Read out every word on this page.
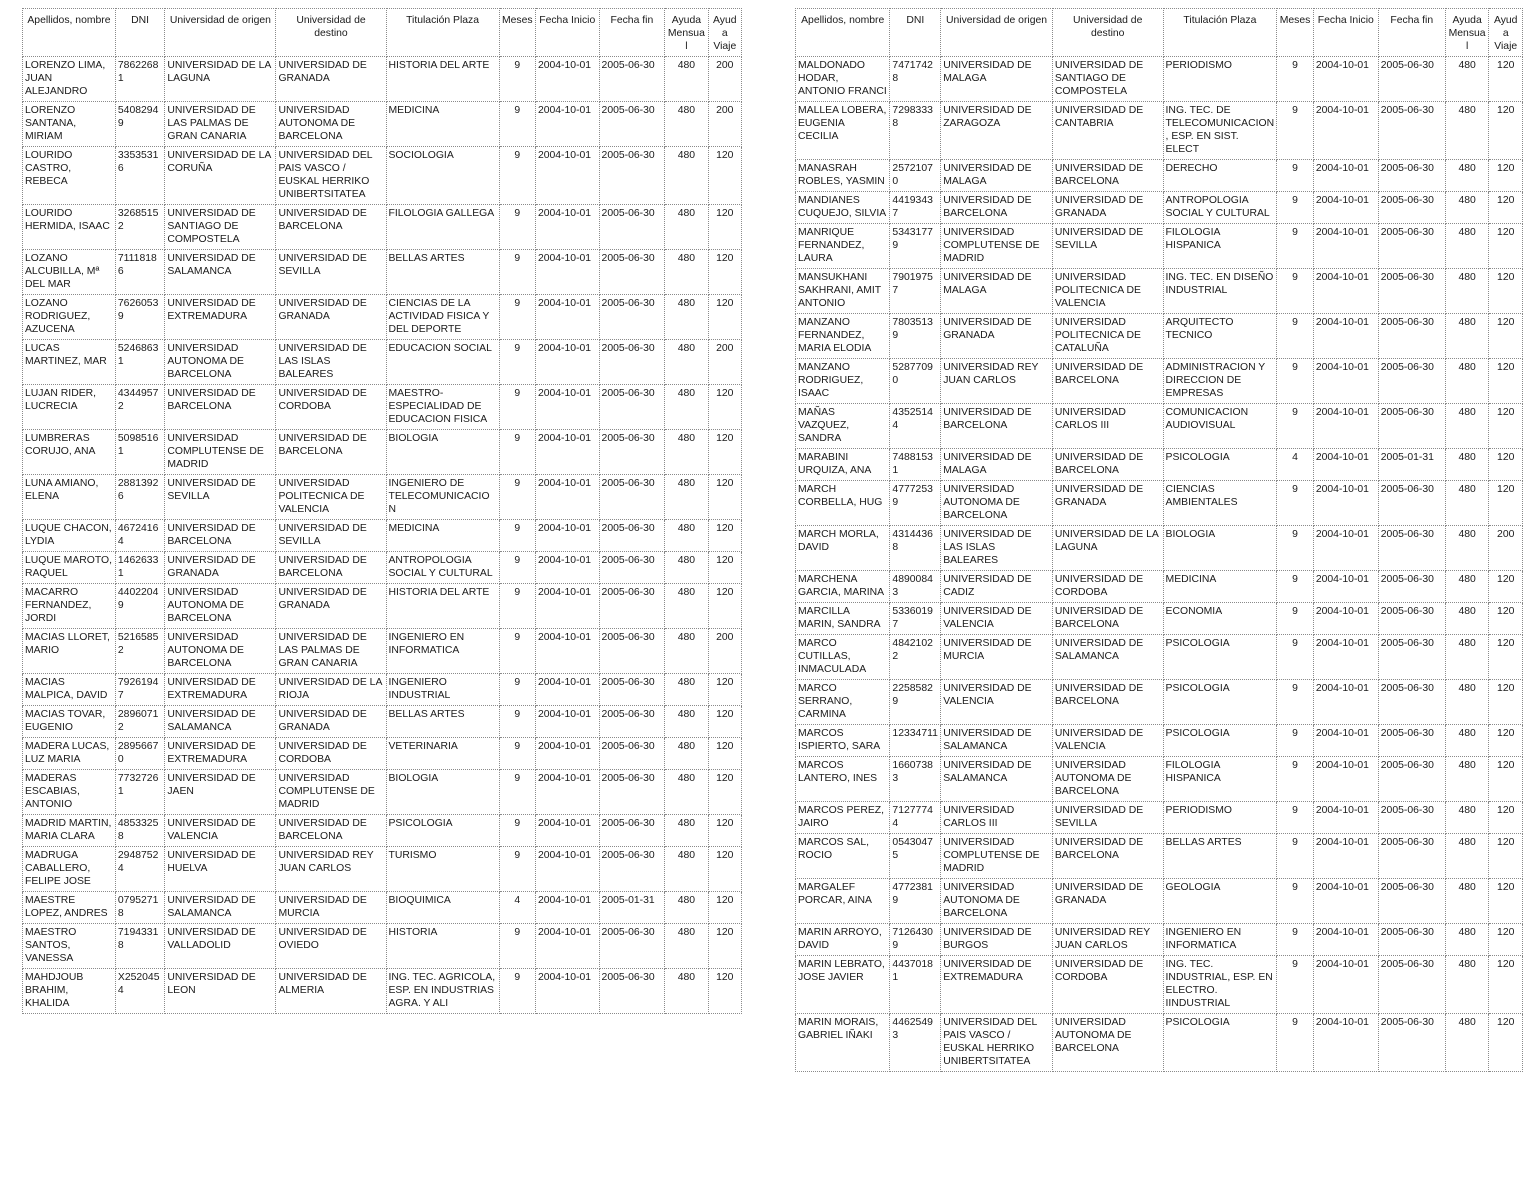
Apellidos, nombre	DNI	Universidad de origen	Universidad de destino	Titulación Plaza	Meses	Fecha Inicio	Fecha fin	Ayuda Mensual	Ayuda Viaje
LORENZO LIMA, JUAN ALEJANDRO	78622681	UNIVERSIDAD DE LA LAGUNA	UNIVERSIDAD DE GRANADA	HISTORIA DEL ARTE	9	2004-10-01	2005-06-30	480	200
LORENZO SANTANA, MIRIAM	54082949	UNIVERSIDAD DE LAS PALMAS DE GRAN CANARIA	UNIVERSIDAD AUTONOMA DE BARCELONA	MEDICINA	9	2004-10-01	2005-06-30	480	200
LOURIDO CASTRO, REBECA	33535316	UNIVERSIDAD DE LA CORUÑA	UNIVERSIDAD DEL PAIS VASCO / EUSKAL HERRIKO UNIBERTSITATEA	SOCIOLOGIA	9	2004-10-01	2005-06-30	480	120
LOURIDO HERMIDA, ISAAC	32685152	UNIVERSIDAD DE SANTIAGO DE COMPOSTELA	UNIVERSIDAD DE BARCELONA	FILOLOGIA GALLEGA	9	2004-10-01	2005-06-30	480	120
LOZANO ALCUBILLA, Mª DEL MAR	71118186	UNIVERSIDAD DE SALAMANCA	UNIVERSIDAD DE SEVILLA	BELLAS ARTES	9	2004-10-01	2005-06-30	480	120
LOZANO RODRIGUEZ, AZUCENA	76260539	UNIVERSIDAD DE EXTREMADURA	UNIVERSIDAD DE GRANADA	CIENCIAS DE LA ACTIVIDAD FISICA Y DEL DEPORTE	9	2004-10-01	2005-06-30	480	120
LUCAS MARTINEZ, MAR	52468631	UNIVERSIDAD AUTONOMA DE BARCELONA	UNIVERSIDAD DE LAS ISLAS BALEARES	EDUCACION SOCIAL	9	2004-10-01	2005-06-30	480	200
LUJAN RIDER, LUCRECIA	43449572	UNIVERSIDAD DE BARCELONA	UNIVERSIDAD DE CORDOBA	MAESTRO-ESPECIALIDAD DE EDUCACION FISICA	9	2004-10-01	2005-06-30	480	120
LUMBRERAS CORUJO, ANA	50985161	UNIVERSIDAD COMPLUTENSE DE MADRID	UNIVERSIDAD DE BARCELONA	BIOLOGIA	9	2004-10-01	2005-06-30	480	120
LUNA AMIANO, ELENA	28813926	UNIVERSIDAD DE SEVILLA	UNIVERSIDAD POLITECNICA DE VALENCIA	INGENIERO DE TELECOMUNICACION	9	2004-10-01	2005-06-30	480	120
LUQUE CHACON, LYDIA	46724164	UNIVERSIDAD DE BARCELONA	UNIVERSIDAD DE SEVILLA	MEDICINA	9	2004-10-01	2005-06-30	480	120
LUQUE MAROTO, RAQUEL	14626331	UNIVERSIDAD DE GRANADA	UNIVERSIDAD DE BARCELONA	ANTROPOLOGIA SOCIAL Y CULTURAL	9	2004-10-01	2005-06-30	480	120
MACARRO FERNANDEZ, JORDI	44022049	UNIVERSIDAD AUTONOMA DE BARCELONA	UNIVERSIDAD DE GRANADA	HISTORIA DEL ARTE	9	2004-10-01	2005-06-30	480	120
MACIAS LLORET, MARIO	52165852	UNIVERSIDAD AUTONOMA DE BARCELONA	UNIVERSIDAD DE LAS PALMAS DE GRAN CANARIA	INGENIERO EN INFORMATICA	9	2004-10-01	2005-06-30	480	200
MACIAS MALPICA, DAVID	79261947	UNIVERSIDAD DE EXTREMADURA	UNIVERSIDAD DE LA RIOJA	INGENIERO INDUSTRIAL	9	2004-10-01	2005-06-30	480	120
MACIAS TOVAR, EUGENIO	28960712	UNIVERSIDAD DE SALAMANCA	UNIVERSIDAD DE GRANADA	BELLAS ARTES	9	2004-10-01	2005-06-30	480	120
MADERA LUCAS, LUZ MARIA	28956670	UNIVERSIDAD DE EXTREMADURA	UNIVERSIDAD DE CORDOBA	VETERINARIA	9	2004-10-01	2005-06-30	480	120
MADERAS ESCABIAS, ANTONIO	77327261	UNIVERSIDAD DE JAEN	UNIVERSIDAD COMPLUTENSE DE MADRID	BIOLOGIA	9	2004-10-01	2005-06-30	480	120
MADRID MARTIN, MARIA CLARA	48533258	UNIVERSIDAD DE VALENCIA	UNIVERSIDAD DE BARCELONA	PSICOLOGIA	9	2004-10-01	2005-06-30	480	120
MADRUGA CABALLERO, FELIPE JOSE	29487524	UNIVERSIDAD DE HUELVA	UNIVERSIDAD REY JUAN CARLOS	TURISMO	9	2004-10-01	2005-06-30	480	120
MAESTRE LOPEZ, ANDRES	07952718	UNIVERSIDAD DE SALAMANCA	UNIVERSIDAD DE MURCIA	BIOQUIMICA	4	2004-10-01	2005-01-31	480	120
MAESTRO SANTOS, VANESSA	71943318	UNIVERSIDAD DE VALLADOLID	UNIVERSIDAD DE OVIEDO	HISTORIA	9	2004-10-01	2005-06-30	480	120
MAHDJOUB BRAHIM, KHALIDA	X2520454	UNIVERSIDAD DE LEON	UNIVERSIDAD DE ALMERIA	ING. TEC. AGRICOLA, ESP. EN INDUSTRIAS AGRA. Y ALI	9	2004-10-01	2005-06-30	480	120
Apellidos, nombre	DNI	Universidad de origen	Universidad de destino	Titulación Plaza	Meses	Fecha Inicio	Fecha fin	Ayuda Mensual	Ayuda Viaje
MALDONADO HODAR, ANTONIO FRANCI	74717428	UNIVERSIDAD DE MALAGA	UNIVERSIDAD DE SANTIAGO DE COMPOSTELA	PERIODISMO	9	2004-10-01	2005-06-30	480	120
MALLEA LOBERA, EUGENIA CECILIA	72983338	UNIVERSIDAD DE ZARAGOZA	UNIVERSIDAD DE CANTABRIA	ING. TEC. DE TELECOMUNICACION, ESP. EN SIST. ELECT	9	2004-10-01	2005-06-30	480	120
MANASRAH ROBLES, YASMIN	25721070	UNIVERSIDAD DE MALAGA	UNIVERSIDAD DE BARCELONA	DERECHO	9	2004-10-01	2005-06-30	480	120
MANDIANES CUQUEJO, SILVIA	44193437	UNIVERSIDAD DE BARCELONA	UNIVERSIDAD DE GRANADA	ANTROPOLOGIA SOCIAL Y CULTURAL	9	2004-10-01	2005-06-30	480	120
MANRIQUE FERNANDEZ, LAURA	53431779	UNIVERSIDAD COMPLUTENSE DE MADRID	UNIVERSIDAD DE SEVILLA	FILOLOGIA HISPANICA	9	2004-10-01	2005-06-30	480	120
MANSUKHANI SAKHRANI, AMIT ANTONIO	79019757	UNIVERSIDAD DE MALAGA	UNIVERSIDAD POLITECNICA DE VALENCIA	ING. TEC. EN DISEÑO INDUSTRIAL	9	2004-10-01	2005-06-30	480	120
MANZANO FERNANDEZ, MARIA ELODIA	78035139	UNIVERSIDAD DE GRANADA	UNIVERSIDAD POLITECNICA DE CATALUÑA	ARQUITECTO TECNICO	9	2004-10-01	2005-06-30	480	120
MANZANO RODRIGUEZ, ISAAC	52877090	UNIVERSIDAD REY JUAN CARLOS	UNIVERSIDAD DE BARCELONA	ADMINISTRACION Y DIRECCION DE EMPRESAS	9	2004-10-01	2005-06-30	480	120
MAÑAS VAZQUEZ, SANDRA	43525144	UNIVERSIDAD DE BARCELONA	UNIVERSIDAD CARLOS III	COMUNICACION AUDIOVISUAL	9	2004-10-01	2005-06-30	480	120
MARABINI URQUIZA, ANA	74881531	UNIVERSIDAD DE MALAGA	UNIVERSIDAD DE BARCELONA	PSICOLOGIA	4	2004-10-01	2005-01-31	480	120
MARCH CORBELLA, HUG	47772539	UNIVERSIDAD AUTONOMA DE BARCELONA	UNIVERSIDAD DE GRANADA	CIENCIAS AMBIENTALES	9	2004-10-01	2005-06-30	480	120
MARCH MORLA, DAVID	43144368	UNIVERSIDAD DE LAS ISLAS BALEARES	UNIVERSIDAD DE LA LAGUNA	BIOLOGIA	9	2004-10-01	2005-06-30	480	200
MARCHENA GARCIA, MARINA	48900843	UNIVERSIDAD DE CADIZ	UNIVERSIDAD DE CORDOBA	MEDICINA	9	2004-10-01	2005-06-30	480	120
MARCILLA MARIN, SANDRA	53360197	UNIVERSIDAD DE VALENCIA	UNIVERSIDAD DE BARCELONA	ECONOMIA	9	2004-10-01	2005-06-30	480	120
MARCO CUTILLAS, INMACULADA	48421022	UNIVERSIDAD DE MURCIA	UNIVERSIDAD DE SALAMANCA	PSICOLOGIA	9	2004-10-01	2005-06-30	480	120
MARCO SERRANO, CARMINA	22585829	UNIVERSIDAD DE VALENCIA	UNIVERSIDAD DE BARCELONA	PSICOLOGIA	9	2004-10-01	2005-06-30	480	120
MARCOS ISPIERTO, SARA	12334711	UNIVERSIDAD DE SALAMANCA	UNIVERSIDAD DE VALENCIA	PSICOLOGIA	9	2004-10-01	2005-06-30	480	120
MARCOS LANTERO, INES	16607383	UNIVERSIDAD DE SALAMANCA	UNIVERSIDAD AUTONOMA DE BARCELONA	FILOLOGIA HISPANICA	9	2004-10-01	2005-06-30	480	120
MARCOS PEREZ, JAIRO	71277744	UNIVERSIDAD CARLOS III	UNIVERSIDAD DE SEVILLA	PERIODISMO	9	2004-10-01	2005-06-30	480	120
MARCOS SAL, ROCIO	05430475	UNIVERSIDAD COMPLUTENSE DE MADRID	UNIVERSIDAD DE BARCELONA	BELLAS ARTES	9	2004-10-01	2005-06-30	480	120
MARGALEF PORCAR, AINA	47723819	UNIVERSIDAD AUTONOMA DE BARCELONA	UNIVERSIDAD DE GRANADA	GEOLOGIA	9	2004-10-01	2005-06-30	480	120
MARIN ARROYO, DAVID	71264309	UNIVERSIDAD DE BURGOS	UNIVERSIDAD REY JUAN CARLOS	INGENIERO EN INFORMATICA	9	2004-10-01	2005-06-30	480	120
MARIN LEBRATO, JOSE JAVIER	44370181	UNIVERSIDAD DE EXTREMADURA	UNIVERSIDAD DE CORDOBA	ING. TEC. INDUSTRIAL, ESP. EN ELECTRO. IINDUSTRIAL	9	2004-10-01	2005-06-30	480	120
MARIN MORAIS, GABRIEL IÑAKI	44625493	UNIVERSIDAD DEL PAIS VASCO / EUSKAL HERRIKO UNIBERTSITATEA	UNIVERSIDAD AUTONOMA DE BARCELONA	PSICOLOGIA	9	2004-10-01	2005-06-30	480	120
